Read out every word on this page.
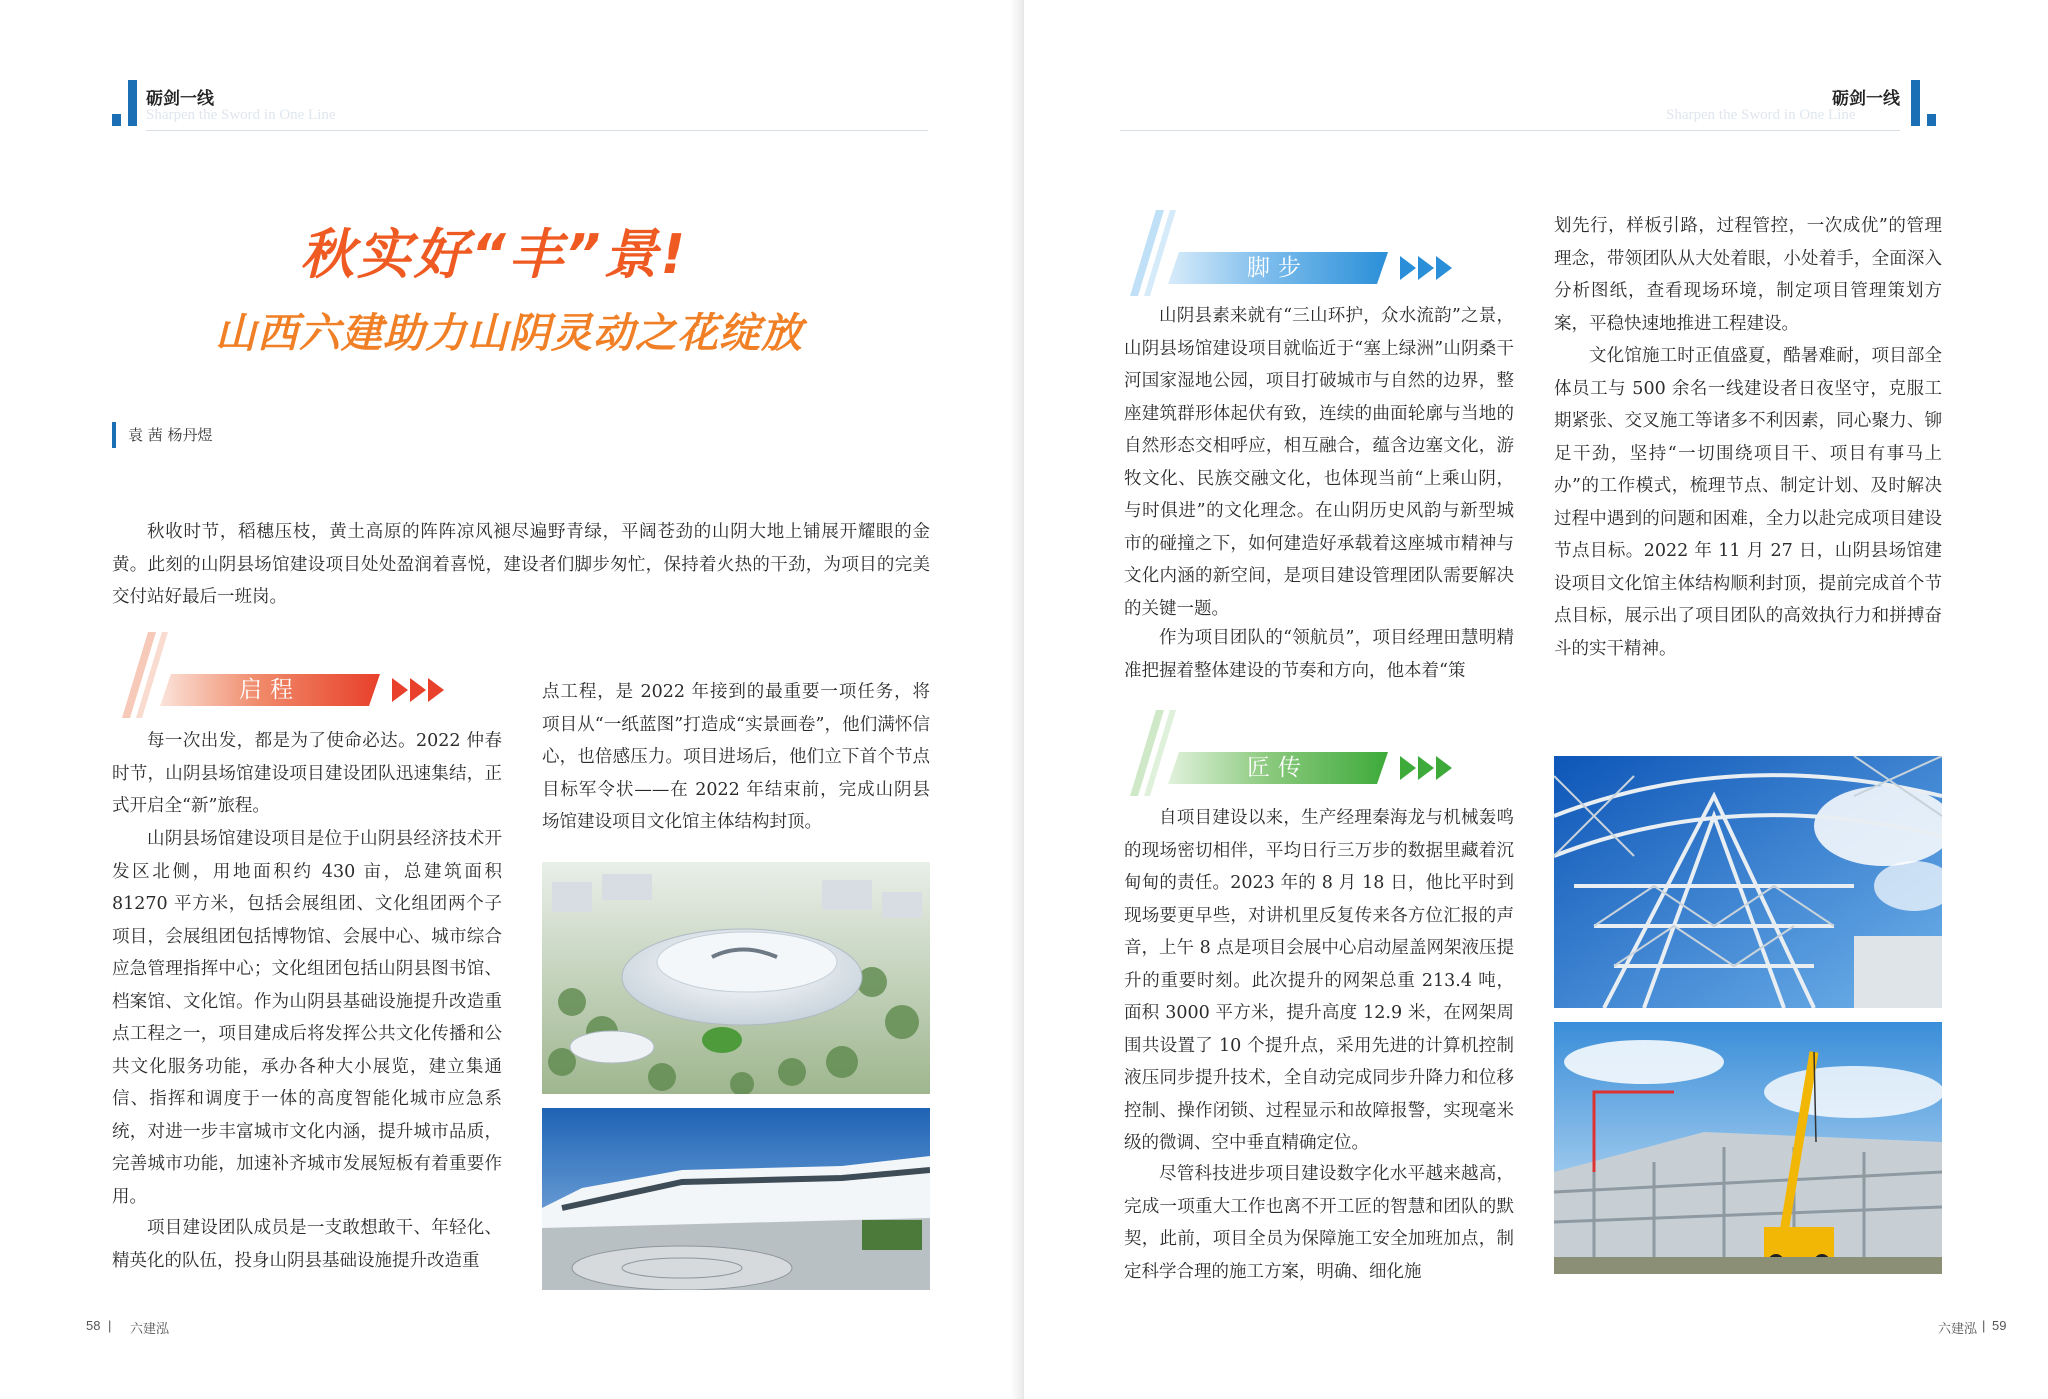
砺剑一线
Sharpen the Sword in One Line
秋实好“丰”景!
山西六建助力山阴灵动之花绽放
袁 茜 杨丹煜

秋收时节，稻穗压枝，黄土高原的阵阵凉风褪尽遍野青绿，平阔苍劲的山阴大地上铺展开耀眼的金黄。此刻的山阴县场馆建设项目处处盈润着喜悦，建设者们脚步匆忙，保持着火热的干劲，为项目的完美交付站好最后一班岗。

启程

每一次出发，都是为了使命必达。2022 仲春时节，山阴县场馆建设项目建设团队迅速集结，正式开启全“新”旅程。

山阴县场馆建设项目是位于山阴县经济技术开发区北侧，用地面积约 430 亩，总建筑面积 81270 平方米，包括会展组团、文化组团两个子项目，会展组团包括博物馆、会展中心、城市综合应急管理指挥中心；文化组团包括山阴县图书馆、档案馆、文化馆。作为山阴县基础设施提升改造重点工程之一，项目建成后将发挥公共文化传播和公共文化服务功能，承办各种大小展览，建立集通信、指挥和调度于一体的高度智能化城市应急系统，对进一步丰富城市文化内涵，提升城市品质，完善城市功能，加速补齐城市发展短板有着重要作用。

项目建设团队成员是一支敢想敢干、年轻化、精英化的队伍，投身山阴县基础设施提升改造重

点工程，是 2022 年接到的最重要一项任务，将项目从“一纸蓝图”打造成“实景画卷”，他们满怀信心，也倍感压力。项目进场后，他们立下首个节点目标军令状——在 2022 年结束前，完成山阴县场馆建设项目文化馆主体结构封顶。

58 | 六建泓
砺剑一线
Sharpen the Sword in One Line
脚步

山阴县素来就有“三山环护，众水流韵”之景，山阴县场馆建设项目就临近于“塞上绿洲”山阴桑干河国家湿地公园，项目打破城市与自然的边界，整座建筑群形体起伏有致，连续的曲面轮廓与当地的自然形态交相呼应，相互融合，蕴含边塞文化，游牧文化、民族交融文化，也体现当前“上乘山阴，与时俱进”的文化理念。在山阴历史风韵与新型城市的碰撞之下，如何建造好承载着这座城市精神与文化内涵的新空间，是项目建设管理团队需要解决的关键一题。

作为项目团队的“领航员”，项目经理田慧明精准把握着整体建设的节奏和方向，他本着“策

划先行，样板引路，过程管控，一次成优”的管理理念，带领团队从大处着眼，小处着手，全面深入分析图纸，查看现场环境，制定项目管理策划方案，平稳快速地推进工程建设。

文化馆施工时正值盛夏，酷暑难耐，项目部全体员工与 500 余名一线建设者日夜坚守，克服工期紧张、交叉施工等诸多不利因素，同心聚力、铆足干劲，坚持“一切围绕项目干、项目有事马上办”的工作模式，梳理节点、制定计划、及时解决过程中遇到的问题和困难，全力以赴完成项目建设节点目标。2022 年 11 月 27 日，山阴县场馆建设项目文化馆主体结构顺利封顶，提前完成首个节点目标，展示出了项目团队的高效执行力和拼搏奋斗的实干精神。

匠传

自项目建设以来，生产经理秦海龙与机械轰鸣的现场密切相伴，平均日行三万步的数据里藏着沉甸甸的责任。2023 年的 8 月 18 日，他比平时到现场要更早些，对讲机里反复传来各方位汇报的声音，上午 8 点是项目会展中心启动屋盖网架液压提升的重要时刻。此次提升的网架总重 213.4 吨，面积 3000 平方米，提升高度 12.9 米，在网架周围共设置了 10 个提升点，采用先进的计算机控制液压同步提升技术，全自动完成同步升降力和位移控制、操作闭锁、过程显示和故障报警，实现毫米级的微调、空中垂直精确定位。

尽管科技进步项目建设数字化水平越来越高，完成一项重大工作也离不开工匠的智慧和团队的默契，此前，项目全员为保障施工安全加班加点，制定科学合理的施工方案，明确、细化施

六建泓 | 59
